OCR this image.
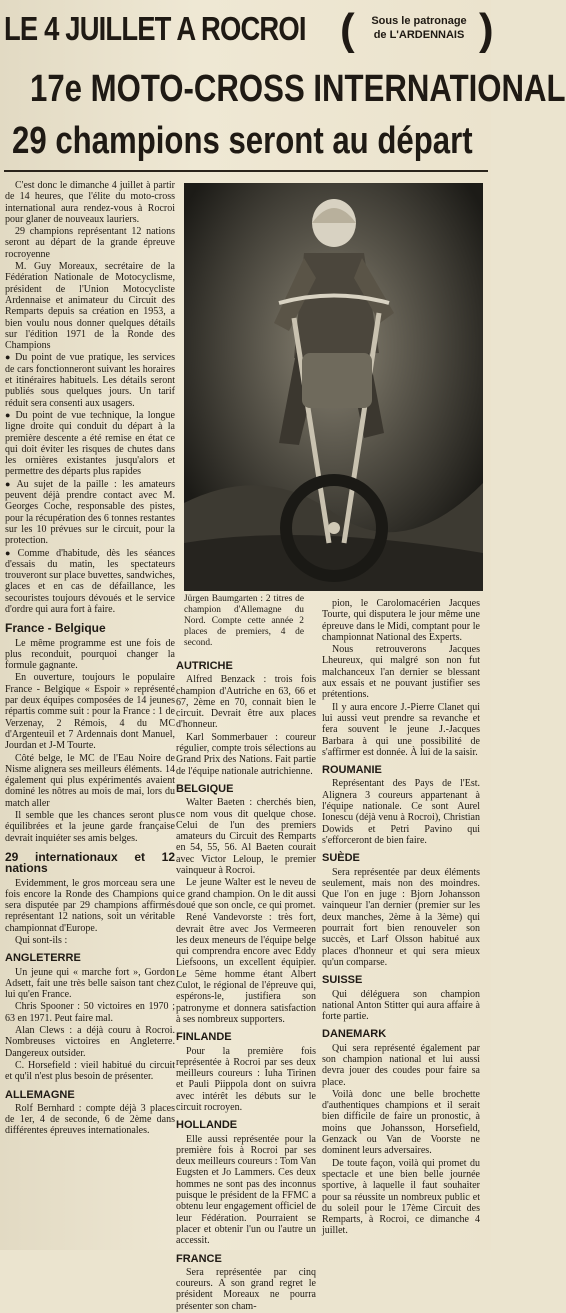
LE 4 JUILLET A ROCROI (	Sous le patronage
de L'ARDENNAIS )
17e MOTO-CROSS INTERNATIONAL
29 champions seront au départ

C'est donc le dimanche 4 juillet à partir de 14 heures, que l'élite du moto-cross international aura rendez-vous à Rocroi pour glaner de nouveaux lauriers.

29 champions représentant 12 nations seront au départ de la grande épreuve rocroyenne

M. Guy Moreaux, secrétaire de la Fédération Nationale de Motocyclisme, président de l'Union Motocycliste Ardennaise et animateur du Circuit des Remparts depuis sa création en 1953, a bien voulu nous donner quelques détails sur l'édition 1971 de la Ronde des Champions

● Du point de vue pratique, les services de cars fonctionneront suivant les horaires et itinéraires habituels. Les détails seront publiés sous quelques jours. Un tarif réduit sera consenti aux usagers.

● Du point de vue technique, la longue ligne droite qui conduit du départ à la première descente a été remise en état ce qui doit éviter les risques de chutes dans les ornières existantes jusqu'alors et permettre des départs plus rapides

● Au sujet de la paille : les amateurs peuvent déjà prendre contact avec M. Georges Coche, responsable des pistes, pour la récupération des 6 tonnes restantes sur les 10 prévues sur le circuit, pour la protection.

● Comme d'habitude, dès les séances d'essais du matin, les spectateurs trouveront sur place buvettes, sandwiches, glaces et en cas de défaillance, les secouristes toujours dévoués et le service d'ordre qui aura fort à faire.

France - Belgique

Le même programme est une fois de plus reconduit, pourquoi changer la formule gagnante.

En ouverture, toujours le populaire France - Belgique « Espoir » représenté par deux équipes composées de 14 jeunes répartis comme suit : pour la France : 1 de Verzenay, 2 Rémois, 4 du MC d'Argenteuil et 7 Ardennais dont Manuel, Jourdan et J-M Tourte.

Côté belge, le MC de l'Eau Noire de Nisme alignera ses meilleurs éléments. 14 également qui plus expérimentés avaient dominé les nôtres au mois de mai, lors du match aller

Il semble que les chances seront plus équilibrées et la jeune garde française devrait inquiéter ses amis belges.

29 internationaux et 12 nations

Evidemment, le gros morceau sera une fois encore la Ronde des Champions qui sera disputée par 29 champions affirmés représentant 12 nations, soit un véritable championnat d'Europe.

Qui sont-ils :

ANGLETERRE

Un jeune qui « marche fort », Gordon Adsett, fait une très belle saison tant chez lui qu'en France.

Chris Spooner : 50 victoires en 1970 ; 63 en 1971. Peut faire mal.

Alan Clews : a déjà couru à Rocroi. Nombreuses victoires en Angleterre. Dangereux outsider.

C. Horsefield : vieil habitué du circuit et qu'il n'est plus besoin de présenter.

ALLEMAGNE

Rolf Bernhard : compte déjà 3 places de 1er, 4 de seconde, 6 de 2ème dans différentes épreuves internationales.

Jürgen Baumgarten : 2 titres de champion d'Allemagne du Nord. Compte cette année 2 places de premiers, 4 de second.
AUTRICHE

Alfred Benzack : trois fois champion d'Autriche en 63, 66 et 67, 2ème en 70, connait bien le circuit. Devrait être aux places d'honneur.

Karl Sommerbauer : coureur régulier, compte trois sélections au Grand Prix des Nations. Fait partie de l'équipe nationale autrichienne.

BELGIQUE

Walter Baeten : cherchés bien, ce nom vous dit quelque chose. Celui de l'un des premiers amateurs du Circuit des Remparts en 54, 55, 56. Al Baeten courait avec Victor Leloup, le premier vainqueur à Rocroi.

Le jeune Walter est le neveu de ce grand champion. On le dit aussi doué que son oncle, ce qui promet.

René Vandevorste : très fort, devrait être avec Jos Vermeeren les deux meneurs de l'équipe belge qui comprendra encore avec Eddy Liefsoons, un excellent équipier. Le 5ème homme étant Albert Culot, le régional de l'épreuve qui, espérons-le, justifiera son patronyme et donnera satisfaction à ses nombreux supporters.

FINLANDE

Pour la première fois représentée à Rocroi par ses deux meilleurs coureurs : Iuha Tirinen et Pauli Piippola dont on suivra avec intérêt les débuts sur le circuit rocroyen.

HOLLANDE

Elle aussi représentée pour la première fois à Rocroi par ses deux meilleurs coureurs : Tom Van Eugsten et Jo Lammers. Ces deux hommes ne sont pas des inconnus puisque le président de la FFMC a obtenu leur engagement officiel de leur Fédération. Pourraient se placer et obtenir l'un ou l'autre un accessit.

FRANCE

Sera représentée par cinq coureurs. A son grand regret le président Moreaux ne pourra présenter son cham-

pion, le Carolomacérien Jacques Tourte, qui disputera le jour même une épreuve dans le Midi, comptant pour le championnat National des Experts.

Nous retrouverons Jacques Lheureux, qui malgré son non fut malchanceux l'an dernier se blessant aux essais et ne pouvant justifier ses prétentions.

Il y aura encore J.-Pierre Clanet qui lui aussi veut prendre sa revanche et fera souvent le jeune J.-Jacques Barbara à qui une possibilité de s'affirmer est donnée. À lui de la saisir.

ROUMANIE

Représentant des Pays de l'Est. Alignera 3 coureurs appartenant à l'équipe nationale. Ce sont Aurel Ionescu (déjà venu à Rocroi), Christian Dowids et Petri Pavino qui s'efforceront de bien faire.

SUÈDE

Sera représentée par deux éléments seulement, mais non des moindres. Que l'on en juge : Bjorn Johansson vainqueur l'an dernier (premier sur les deux manches, 2ème à la 3ème) qui pourrait fort bien renouveler son succès, et Larf Olsson habitué aux places d'honneur et qui sera mieux qu'un comparse.

SUISSE

Qui déléguera son champion national Anton Stitter qui aura affaire à forte partie.

DANEMARK

Qui sera représenté également par son champion national et lui aussi devra jouer des coudes pour faire sa place.

Voilà donc une belle brochette d'authentiques champions et il serait bien difficile de faire un pronostic, à moins que Johansson, Horsefield, Genzack ou Van de Voorste ne dominent leurs adversaires.

De toute façon, voilà qui promet du spectacle et une bien belle journée sportive, à laquelle il faut souhaiter pour sa réussite un nombreux public et du soleil pour le 17ème Circuit des Remparts, à Rocroi, ce dimanche 4 juillet.
